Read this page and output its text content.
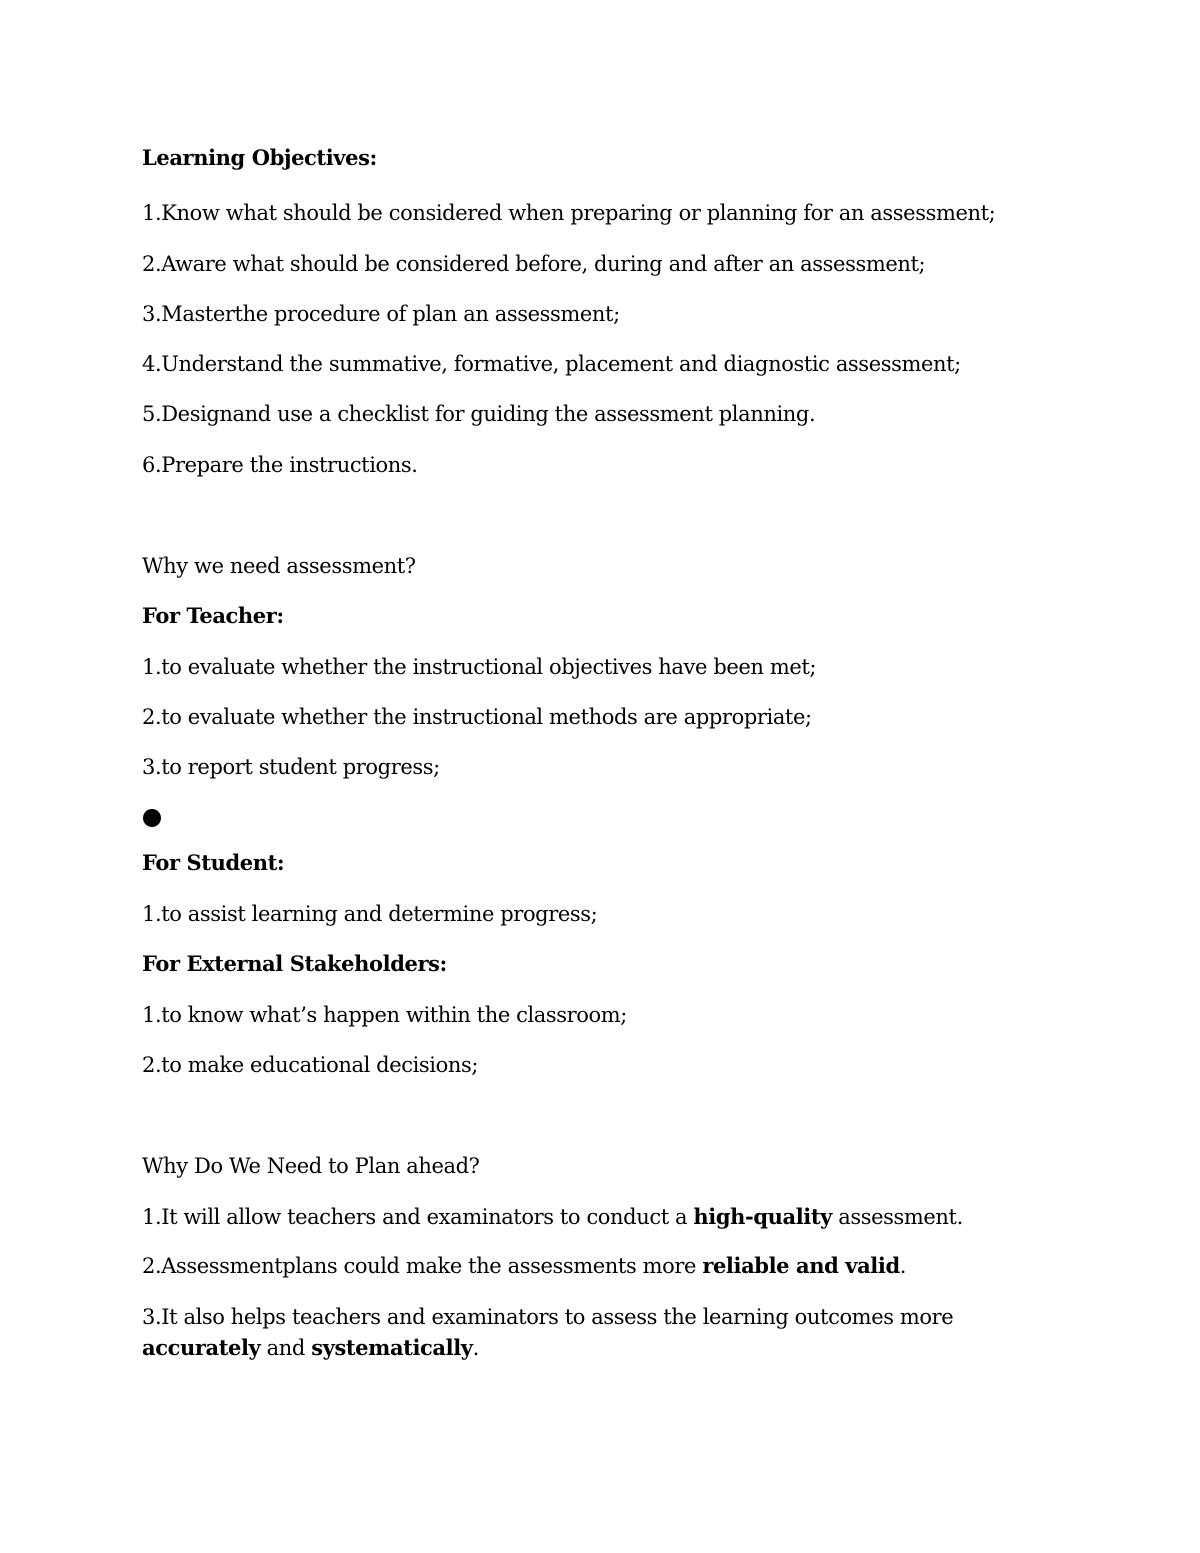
Learning Objectives:

1.Know what should be considered when preparing or planning for an assessment;

2.Aware what should be considered before, during and after an assessment;

3.Masterthe procedure of plan an assessment;

4.Understand the summative, formative, placement and diagnostic assessment;

5.Designand use a checklist for guiding the assessment planning.

6.Prepare the instructions.

Why we need assessment?

For Teacher:

1.to evaluate whether the instructional objectives have been met;

2.to evaluate whether the instructional methods are appropriate;

3.to report student progress;

For Student:

1.to assist learning and determine progress;

For External Stakeholders:

1.to know what’s happen within the classroom;

2.to make educational decisions;

Why Do We Need to Plan ahead?

1.It will allow teachers and examinators to conduct a high-quality assessment.

2.Assessmentplans could make the assessments more reliable and valid.

3.It also helps teachers and examinators to assess the learning outcomes more

accurately and systematically.
